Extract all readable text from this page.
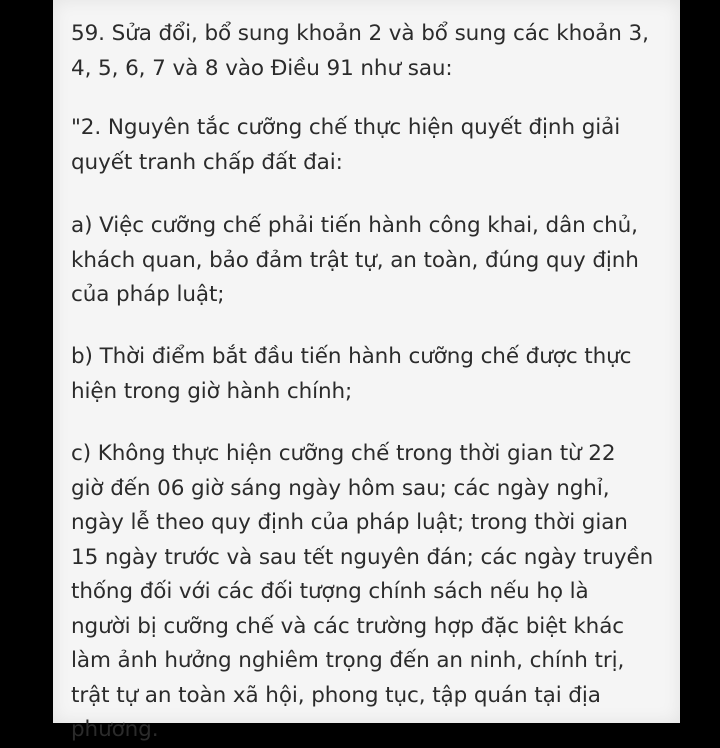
59. Sửa đổi, bổ sung khoản 2 và bổ sung các khoản 3,
4, 5, 6, 7 và 8 vào Điều 91 như sau:
"2. Nguyên tắc cưỡng chế thực hiện quyết định giải
quyết tranh chấp đất đai:
a) Việc cưỡng chế phải tiến hành công khai, dân chủ,
khách quan, bảo đảm trật tự, an toàn, đúng quy định
của pháp luật;
b) Thời điểm bắt đầu tiến hành cưỡng chế được thực
hiện trong giờ hành chính;
c) Không thực hiện cưỡng chế trong thời gian từ 22
giờ đến 06 giờ sáng ngày hôm sau; các ngày nghỉ,
ngày lễ theo quy định của pháp luật; trong thời gian
15 ngày trước và sau tết nguyên đán; các ngày truyền
thống đối với các đối tượng chính sách nếu họ là
người bị cưỡng chế và các trường hợp đặc biệt khác
làm ảnh hưởng nghiêm trọng đến an ninh, chính trị,
trật tự an toàn xã hội, phong tục, tập quán tại địa
phương.
